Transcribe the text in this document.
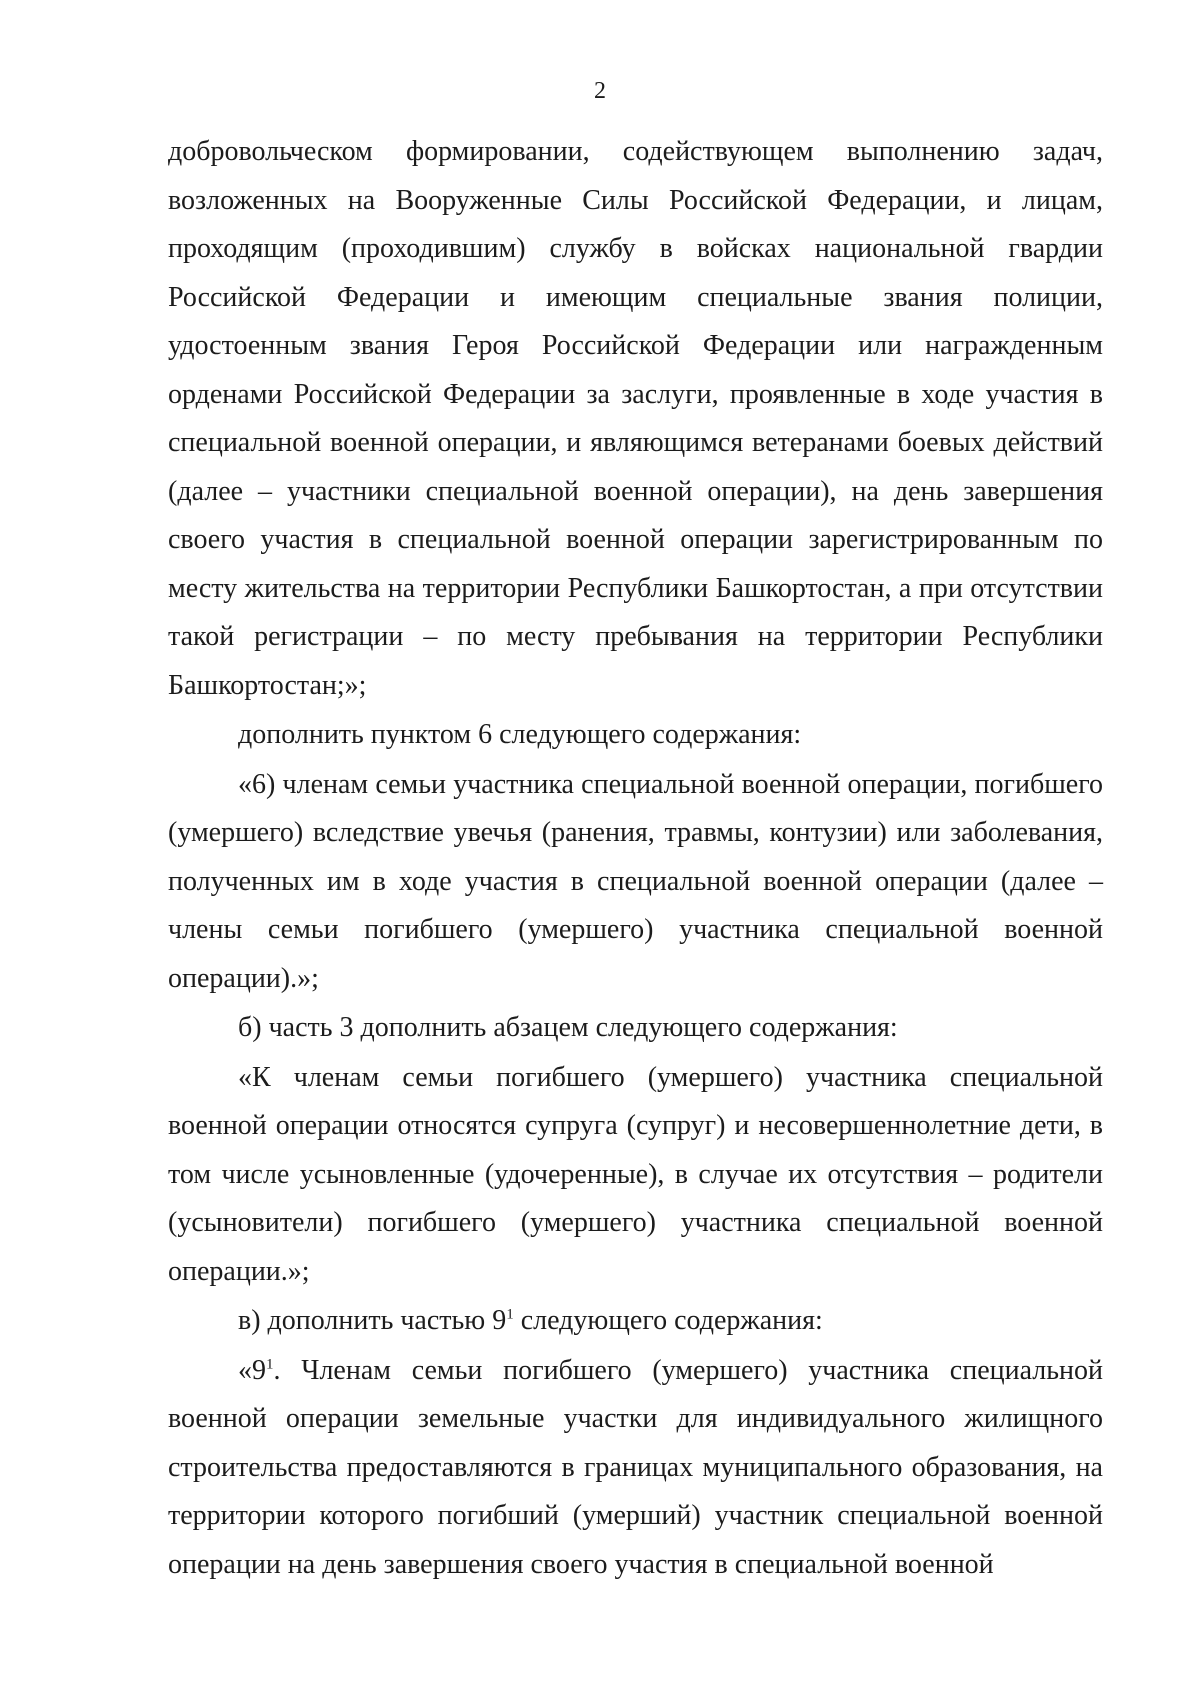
2

добровольческом формировании, содействующем выполнению задач, возложенных на Вооруженные Силы Российской Федерации, и лицам, проходящим (проходившим) службу в войсках национальной гвардии Российской Федерации и имеющим специальные звания полиции, удостоенным звания Героя Российской Федерации или награжденным орденами Российской Федерации за заслуги, проявленные в ходе участия в специальной военной операции, и являющимся ветеранами боевых действий (далее – участники специальной военной операции), на день завершения своего участия в специальной военной операции зарегистрированным по месту жительства на территории Республики Башкортостан, а при отсутствии такой регистрации – по месту пребывания на территории Республики Башкортостан;»;

дополнить пунктом 6 следующего содержания:

«6) членам семьи участника специальной военной операции, погибшего (умершего) вследствие увечья (ранения, травмы, контузии) или заболевания, полученных им в ходе участия в специальной военной операции (далее – члены семьи погибшего (умершего) участника специальной военной операции).»;

б) часть 3 дополнить абзацем следующего содержания:

«К членам семьи погибшего (умершего) участника специальной военной операции относятся супруга (супруг) и несовершеннолетние дети, в том числе усыновленные (удочеренные), в случае их отсутствия – родители (усыновители) погибшего (умершего) участника специальной военной операции.»;

в) дополнить частью $9^1$ следующего содержания:

«$9^1$. Членам семьи погибшего (умершего) участника специальной военной операции земельные участки для индивидуального жилищного строительства предоставляются в границах муниципального образования, на территории которого погибший (умерший) участник специальной военной операции на день завершения своего участия в специальной военной
